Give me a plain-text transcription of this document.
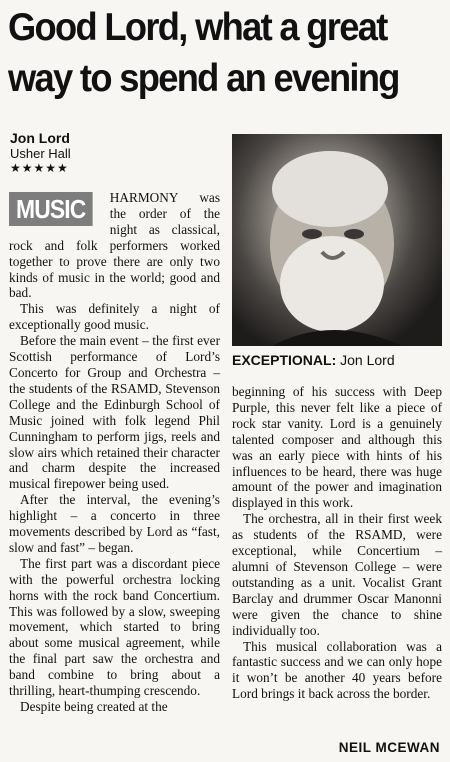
Good Lord, what a great
way to spend an evening
Jon Lord
Usher Hall
★★★★★
EXCEPTIONAL: Jon Lord

MUSIC	HARMONY was the order of the night as classical, rock and folk performers worked together to prove there are only two kinds of music in the world; good and bad.

This was definitely a night of exceptionally good music.

Before the main event – the first ever Scottish performance of Lord’s Concerto for Group and Orchestra – the students of the RSAMD, Stevenson College and the Edinburgh School of Music joined with folk legend Phil Cunningham to perform jigs, reels and slow airs which retained their character and charm despite the increased musical firepower being used.

After the interval, the evening’s highlight – a concerto in three movements described by Lord as “fast, slow and fast” – began.

The first part was a discordant piece with the powerful orchestra locking horns with the rock band Concertium. This was followed by a slow, sweeping movement, which started to bring about some musical agreement, while the final part saw the orchestra and band combine to bring about a thrilling, heart-thumping crescendo.

Despite being created at the

beginning of his success with Deep Purple, this never felt like a piece of rock star vanity. Lord is a genuinely talented composer and although this was an early piece with hints of his influences to be heard, there was huge amount of the power and imagination displayed in this work.

The orchestra, all in their first week as students of the RSAMD, were exceptional, while Concertium – alumni of Stevenson College – were outstanding as a unit. Vocalist Grant Barclay and drummer Oscar Manonni were given the chance to shine individually too.

This musical collaboration was a fantastic success and we can only hope it won’t be another 40 years before Lord brings it back across the border.

NEIL MCEWAN
